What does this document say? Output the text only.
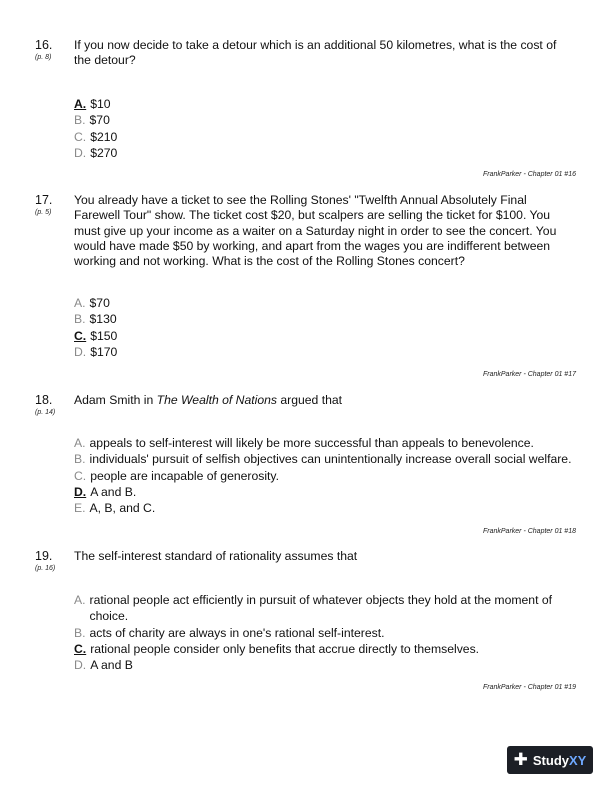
16.
(p. 8)
If you now decide to take a detour which is an additional 50 kilometres, what is the cost of the detour?
A. $10
B. $70
C. $210
D. $270
FrankParker - Chapter 01 #16
17.
(p. 5)
You already have a ticket to see the Rolling Stones' "Twelfth Annual Absolutely Final Farewell Tour" show. The ticket cost $20, but scalpers are selling the ticket for $100. You must give up your income as a waiter on a Saturday night in order to see the concert. You would have made $50 by working, and apart from the wages you are indifferent between working and not working. What is the cost of the Rolling Stones concert?
A. $70
B. $130
C. $150
D. $170
FrankParker - Chapter 01 #17
18.
(p. 14)
Adam Smith in The Wealth of Nations argued that
A. appeals to self-interest will likely be more successful than appeals to benevolence.
B. individuals' pursuit of selfish objectives can unintentionally increase overall social welfare.
C. people are incapable of generosity.
D. A and B.
E. A, B, and C.
FrankParker - Chapter 01 #18
19.
(p. 16)
The self-interest standard of rationality assumes that
A. rational people act efficiently in pursuit of whatever objects they hold at the moment of choice.
B. acts of charity are always in one's rational self-interest.
C. rational people consider only benefits that accrue directly to themselves.
D. A and B
FrankParker - Chapter 01 #19
✚ Study XY
